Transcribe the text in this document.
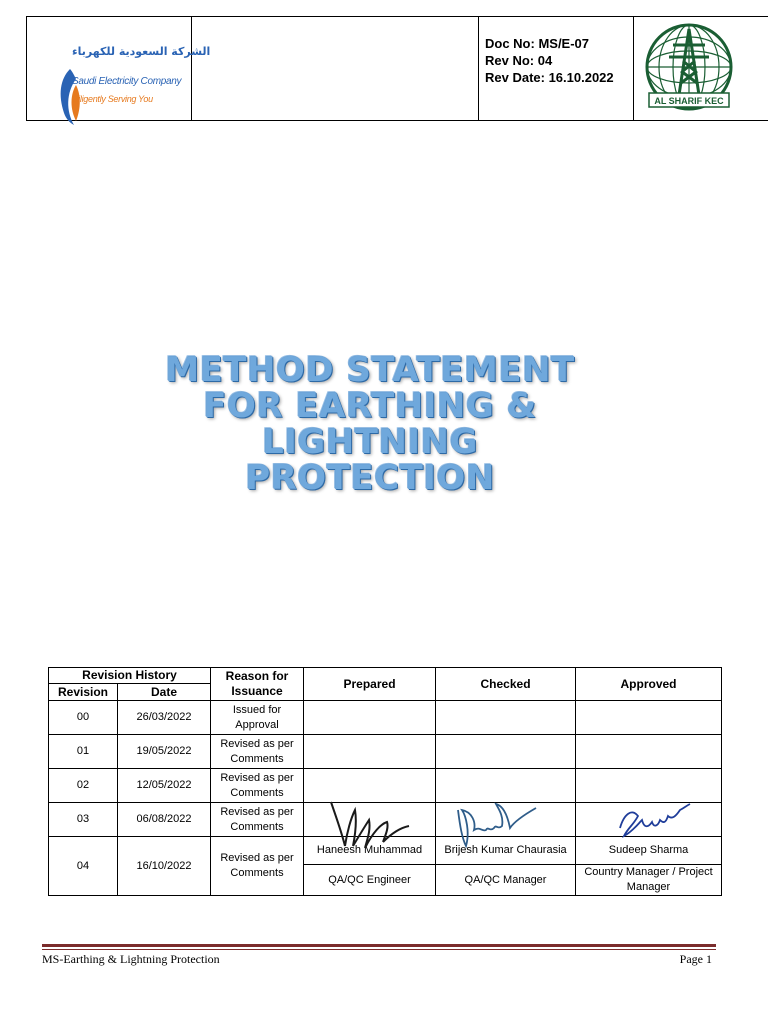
الشركة السعودية للكهرباء
Saudi Electricity Company
Diligently Serving You
Doc No: MS/E-07
Rev No: 04
Rev Date: 16.10.2022
AL SHARIF KEC
METHOD STATEMENT
FOR EARTHING &
LIGHTNING
PROTECTION
Revision History		Reason for Issuance	Prepared	Checked	Approved
Revision	Date				
00	26/03/2022	Issued for Approval			
01	19/05/2022	Revised as per Comments			
02	12/05/2022	Revised as per Comments			
03	06/08/2022	Revised as per Comments			
04	16/10/2022	Revised as per Comments	Haneesh Muhammad	Brijesh Kumar Chaurasia	Sudeep Sharma
			QA/QC Engineer	QA/QC Manager	Country Manager / Project Manager
MS-Earthing & Lightning Protection	Page 1
